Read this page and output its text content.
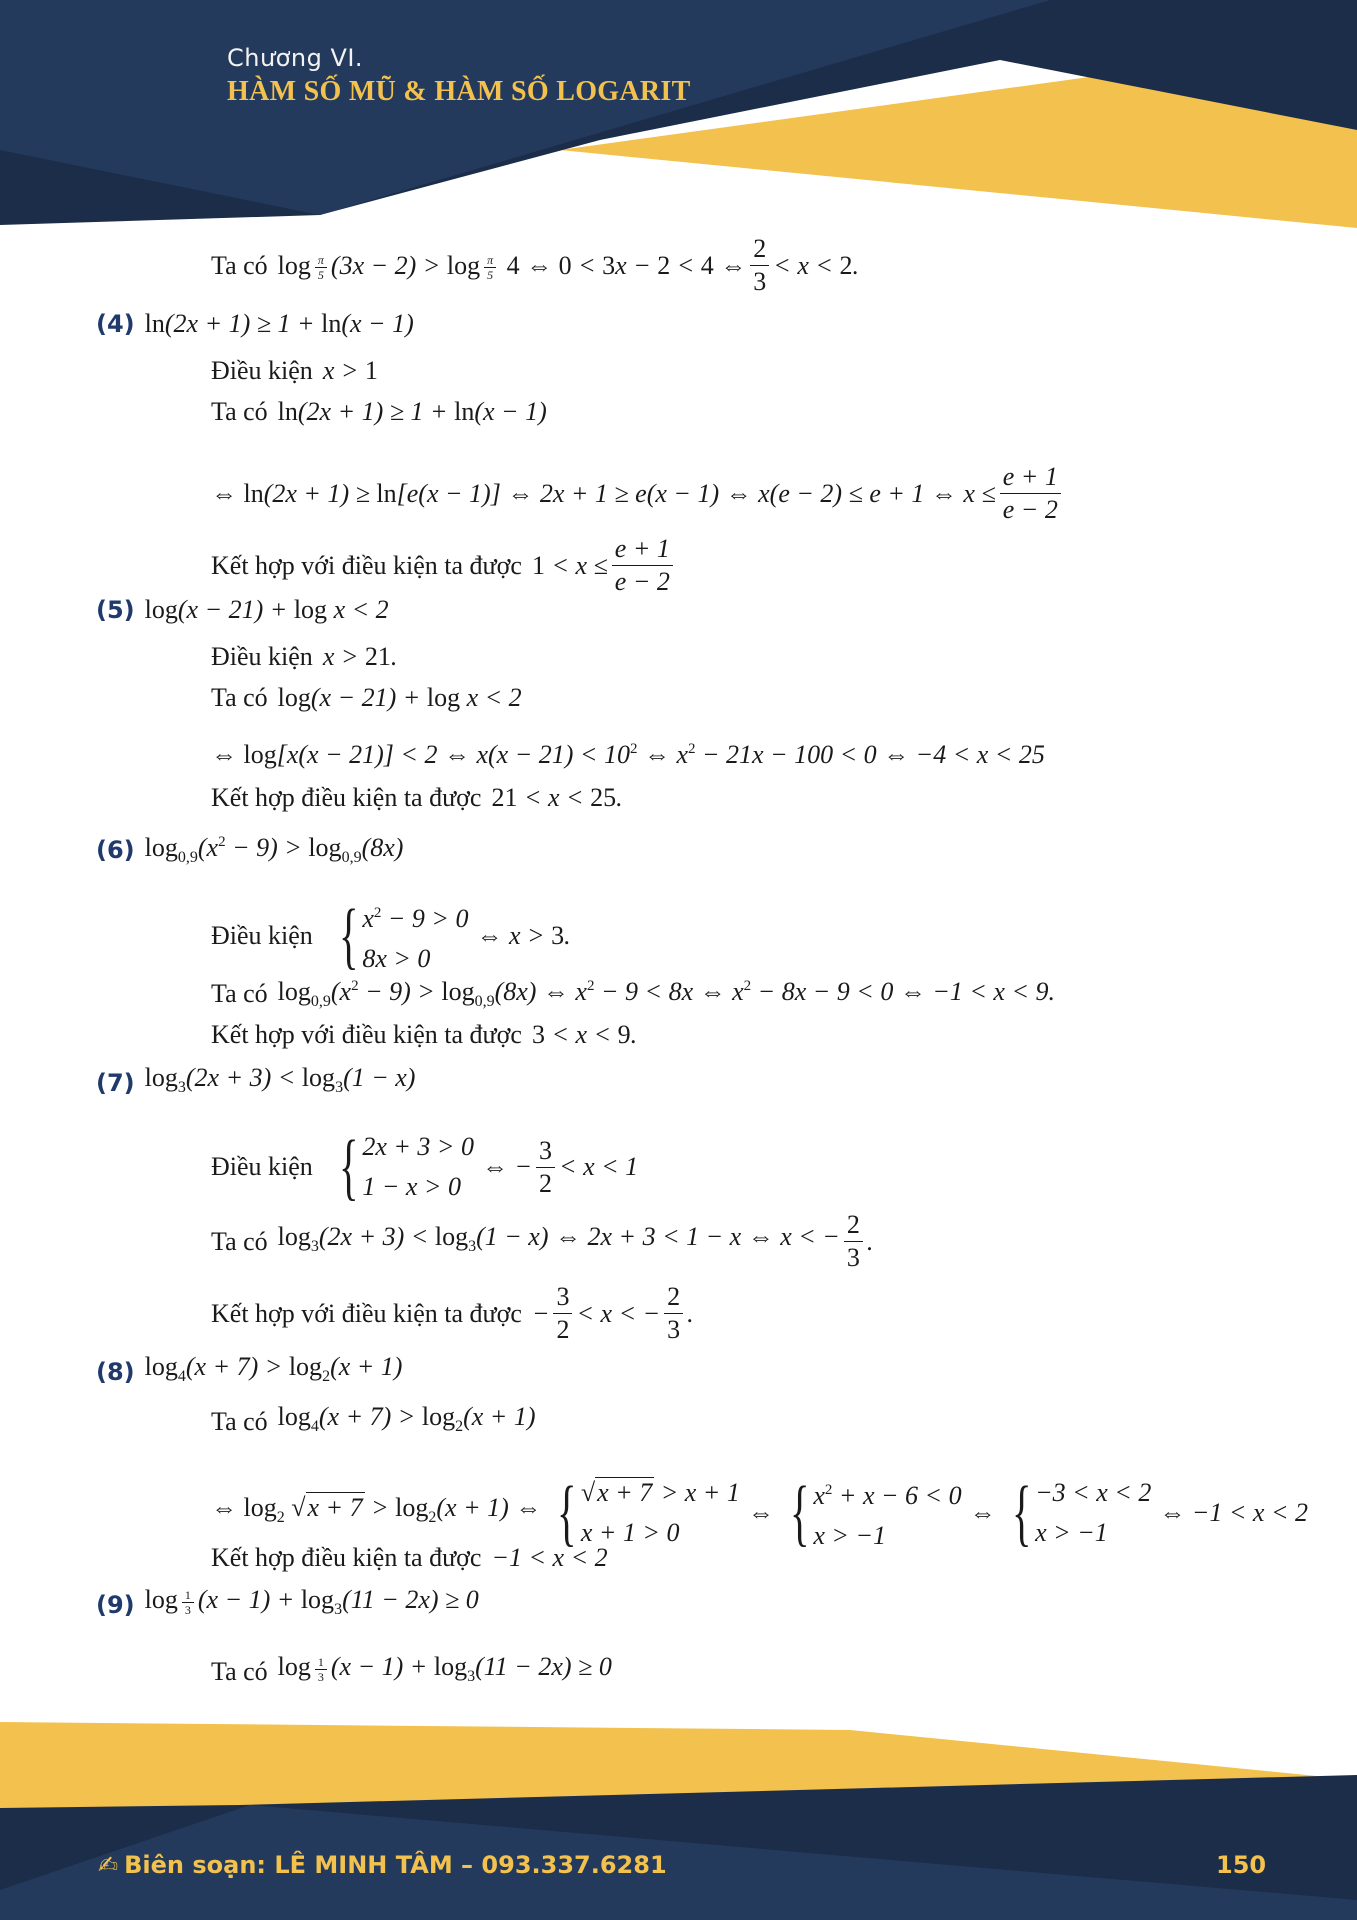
Chương VI.
HÀM SỐ MŨ & HÀM SỐ LOGARIT
Ta có $\log \frac{\pi}{5} (3x - 2) > \log \frac{\pi}{5} 4$ ⇔ 0 < 3x − 2 < 4 ⇔ $\frac{2}{3} < x < 2$.
(4) ln(2x + 1) ≥ 1 + ln(x − 1)
Điều kiện x > 1
Ta có ln(2x + 1) ≥ 1 + ln(x − 1)
⇔ ln(2x + 1) ≥ ln[e(x − 1)] ⇔ 2x + 1 ≥ e(x − 1) ⇔ x(e − 2) ≤ e + 1 ⇔ $x \le \frac{e + 1}{e - 2}$
Kết hợp với điều kiện ta được $1 < x \le \frac{e + 1}{e - 2}$
(5) log(x − 21) + log x < 2
Điều kiện x > 21.
Ta có log(x − 21) + log x < 2
⇔ log[x(x − 21)] < 2 ⇔ $x(x - 21) < 10^2$ ⇔ $x^2 - 21x - 100 < 0$ ⇔ −4 < x < 25
Kết hợp điều kiện ta được 21 < x < 25.
(6) $\log_{0,9}(x^2 - 9) > \log_{0,9}(8x)$
Điều kiện { $x^2 - 9 > 0$
8x > 0
⇔ x > 3.
Ta có $\log_{0,9}(x^2 - 9) > \log_{0,9}(8x)$ ⇔ $x^2 - 9 < 8x$ ⇔ $x^2 - 8x - 9 < 0$ ⇔ −1 < x < 9.
Kết hợp với điều kiện ta được 3 < x < 9.
(7) $\log_3(2x + 3) < \log_3(1 - x)$
Điều kiện { 2x + 3 > 0
1 − x > 0
⇔ − $\frac{3}{2} < x < 1$
Ta có $\log_3(2x + 3) < \log_3(1 - x)$ ⇔ 2x + 3 < 1 − x ⇔ x < − $\frac{2}{3}$ .
Kết hợp với điều kiện ta được − $\frac{3}{2} < x$ < − $\frac{2}{3}$ .
(8) $\log_4(x + 7) > \log_2(x + 1)$
Ta có $\log_4(x + 7) > \log_2(x + 1)$
⇔ $\log_2 √x + 7 > \log_2(x + 1)$ ⇔ { √x + 7 > x + 1
x + 1 > 0
⇔ { $x^2 + x - 6 < 0$
x > −1
⇔ { −3 < x < 2
x > −1
⇔ −1 < x < 2
Kết hợp điều kiện ta được −1 < x < 2
(9) $\log \frac{1}{3} (x - 1) + \log_3(11 - 2x) \ge 0$
Ta có $\log \frac{1}{3} (x - 1) + \log_3(11 - 2x) \ge 0$
✍ Biên soạn: LÊ MINH TÂM – 093.337.6281	150
